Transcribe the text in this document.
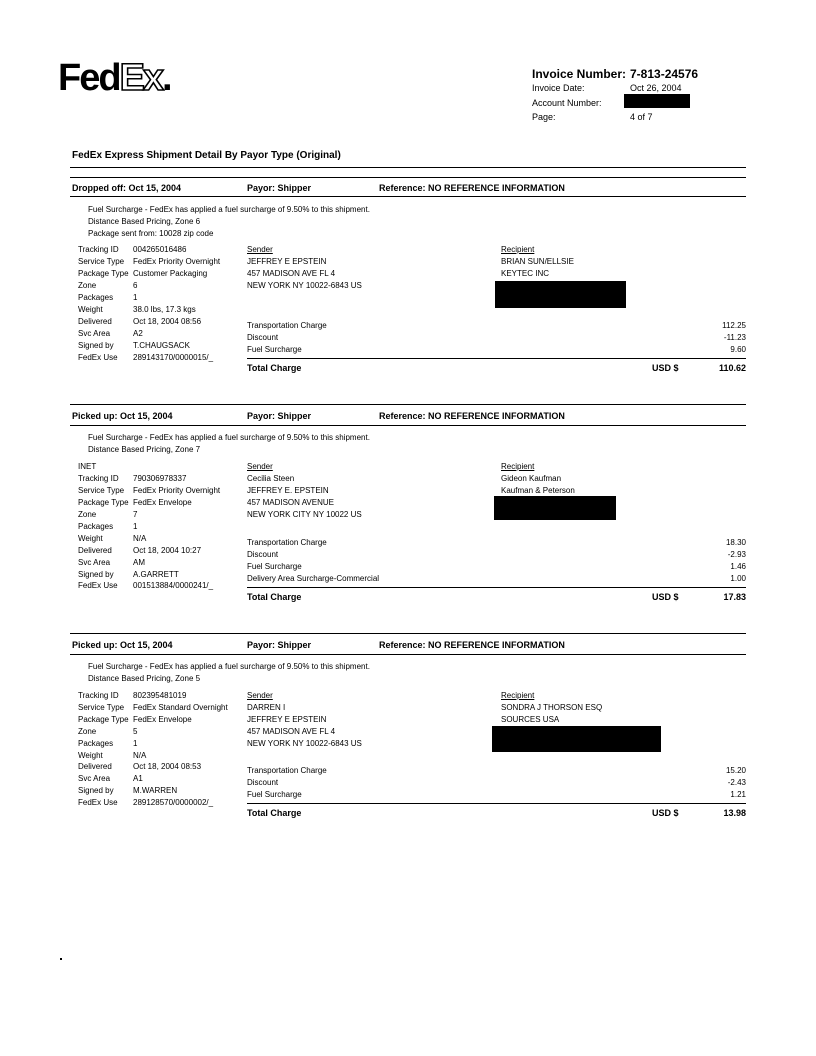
FedEx.	Invoice Number: 7-813-24576
Invoice Date:	Oct 26, 2004
Account Number:
Page:	4 of 7
FedEx Express Shipment Detail By Payor Type (Original)
Dropped off: Oct 15, 2004	Payor: Shipper	Reference: NO REFERENCE INFORMATION
Fuel Surcharge - FedEx has applied a fuel surcharge of 9.50% to this shipment.
Distance Based Pricing, Zone 6
Package sent from: 10028 zip code
Tracking ID 004265016486
Service Type FedEx Priority Overnight
Package Type Customer Packaging
Zone	6
Packages 1
Weight	38.0 lbs, 17.3 kgs
Delivered	Oct 18, 2004 08:56
Svc Area	A2
Signed by T.CHAUGSACK
FedEx Use 289143170/0000015/_
Sender
JEFFREY E EPSTEIN
457 MADISON AVE FL 4
NEW YORK NY 10022-6843 US
Recipient
BRIAN SUN/ELLSIE
KEYTEC INC
Transportation Charge	112.25
Discount	-11.23
Fuel Surcharge	9.60
Total Charge	USD $	110.62
Picked up: Oct 15, 2004	Payor: Shipper	Reference: NO REFERENCE INFORMATION
Fuel Surcharge - FedEx has applied a fuel surcharge of 9.50% to this shipment.
Distance Based Pricing, Zone 7
INET
Tracking ID 790306978337
Service Type FedEx Priority Overnight
Package Type FedEx Envelope
Zone	7
Packages 1
Weight	N/A
Delivered	Oct 18, 2004 10:27
Svc Area	AM
Signed by A.GARRETT
FedEx Use 001513884/0000241/_
Sender
Cecilia Steen
JEFFREY E. EPSTEIN
457 MADISON AVENUE
NEW YORK CITY NY 10022 US
Recipient
Gideon Kaufman
Kaufman & Peterson
Transportation Charge	18.30
Discount	-2.93
Fuel Surcharge	1.46
Delivery Area Surcharge-Commercial	1.00
Total Charge	USD $	17.83
Picked up: Oct 15, 2004	Payor: Shipper	Reference: NO REFERENCE INFORMATION
Fuel Surcharge - FedEx has applied a fuel surcharge of 9.50% to this shipment.
Distance Based Pricing, Zone 5
Tracking ID 802395481019
Service Type FedEx Standard Overnight
Package Type FedEx Envelope
Zone	5
Packages 1
Weight	N/A
Delivered	Oct 18, 2004 08:53
Svc Area	A1
Signed by M.WARREN
FedEx Use 289128570/0000002/_
Sender
DARREN I
JEFFREY E EPSTEIN
457 MADISON AVE FL 4
NEW YORK NY 10022-6843 US
Recipient
SONDRA J THORSON ESQ
SOURCES USA
Transportation Charge	15.20
Discount	-2.43
Fuel Surcharge	1.21
Total Charge	USD $	13.98
